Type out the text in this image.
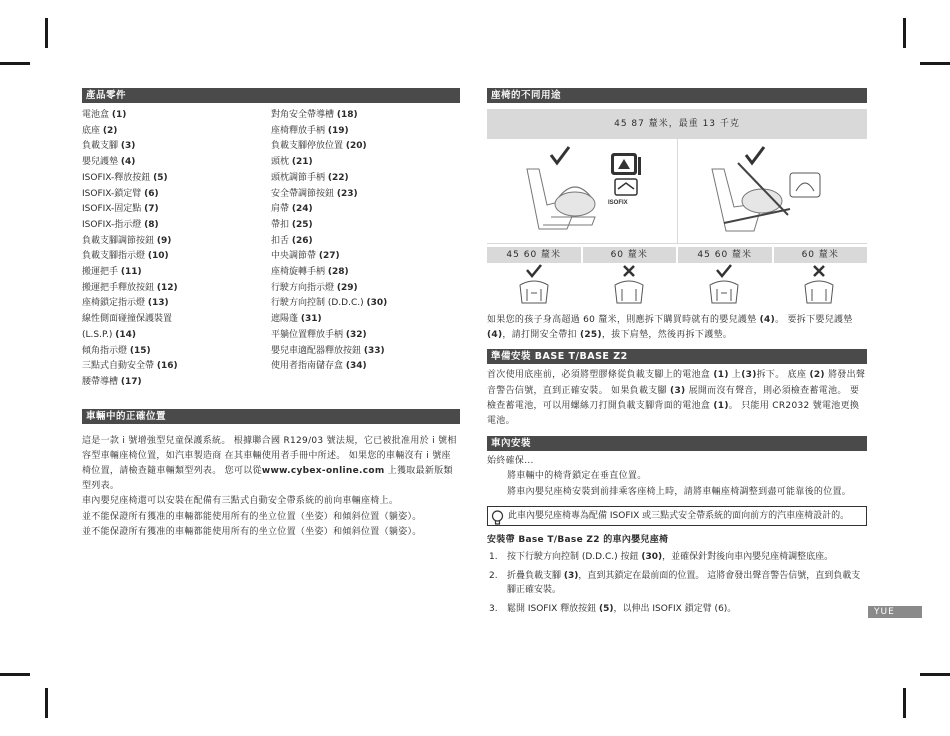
產品零件
電池盒 (1)
底座 (2)
負載支腳 (3)
嬰兒護墊 (4)
ISOFIX-釋放按鈕 (5)
ISOFIX-鎖定臂 (6)
ISOFIX-固定點 (7)
ISOFIX-指示燈 (8)
負載支腳調節按鈕 (9)
負載支腳指示燈 (10)
搬運把手 (11)
搬運把手釋放按鈕 (12)
座椅鎖定指示燈 (13)
線性側面碰撞保護裝置
(L.S.P.) (14)
傾角指示燈 (15)
三點式自動安全帶 (16)
腰帶導槽 (17)
對角安全帶導槽 (18)
座椅釋放手柄 (19)
負載支腳停放位置 (20)
頭枕 (21)
頭枕調節手柄 (22)
安全帶調節按鈕 (23)
肩帶 (24)
帶扣 (25)
扣舌 (26)
中央調節帶 (27)
座椅旋轉手柄 (28)
行駛方向指示燈 (29)
行駛方向控制 (D.D.C.) (30)
遮陽蓬 (31)
平躺位置釋放手柄 (32)
嬰兒車適配器釋放按鈕 (33)
使用者指南儲存盒 (34)
車輛中的正確位置

這是一款 i 號增強型兒童保護系統。 根據聯合國 R129/03 號法規，它已被批准用於 i 號相容型車輛座椅位置，如汽車製造商 在其車輛使用者手冊中所述。 如果您的車輛沒有 i 號座椅位置，請檢查隨車輛類型列表。 您可以從www.cybex-online.com 上獲取最新版類型列表。

車內嬰兒座椅還可以安裝在配備有三點式自動安全帶系統的前向車輛座椅上。

並不能保證所有獲准的車輛都能使用所有的坐立位置（坐姿）和傾斜位置（躺姿）。

並不能保證所有獲准的車輛都能使用所有的坐立位置（坐姿）和傾斜位置（躺姿）。

座椅的不同用途
45 87 釐米，最重 13 千克
ISOFIX
45 60 釐米	60 釐米	45 60 釐米	60 釐米

如果您的孩子身高超過 60 釐米，則應拆下購買時就有的嬰兒護墊 (4)。 要拆下嬰兒護墊 (4)，請打開安全帶扣 (25)，拔下肩墊，然後再拆下護墊。

準備安裝 BASE T/BASE Z2

首次使用底座前，必須將塑膠條從負載支腳上的電池盒 (1) 上(3)拆下。 底座 (2) 將發出聲音警告信號，直到正確安裝。 如果負載支腳 (3) 展開而沒有聲音，則必須檢查蓄電池。 要檢查蓄電池，可以用螺絲刀打開負載支腳背面的電池盒 (1)。 只能用 CR2032 號電池更換電池。

車內安裝

始終確保...

將車輛中的椅背鎖定在垂直位置。

將車內嬰兒座椅安裝到前排乘客座椅上時，請將車輛座椅調整到盡可能靠後的位置。

此車內嬰兒座椅專為配備 ISOFIX 或三點式安全帶系統的面向前方的汽車座椅設計的。

安裝帶 Base T/Base Z2 的車內嬰兒座椅

1. 按下行駛方向控制 (D.D.C.) 按鈕 (30)，並確保針對後向車內嬰兒座椅調整底座。
2. 折疊負載支腳 (3)，直到其鎖定在最前面的位置。 這將會發出聲音警告信號，直到負載支腳正確安裝。
3. 鬆開 ISOFIX 釋放按鈕 (5)，以伸出 ISOFIX 鎖定臂 (6)。	YUE
